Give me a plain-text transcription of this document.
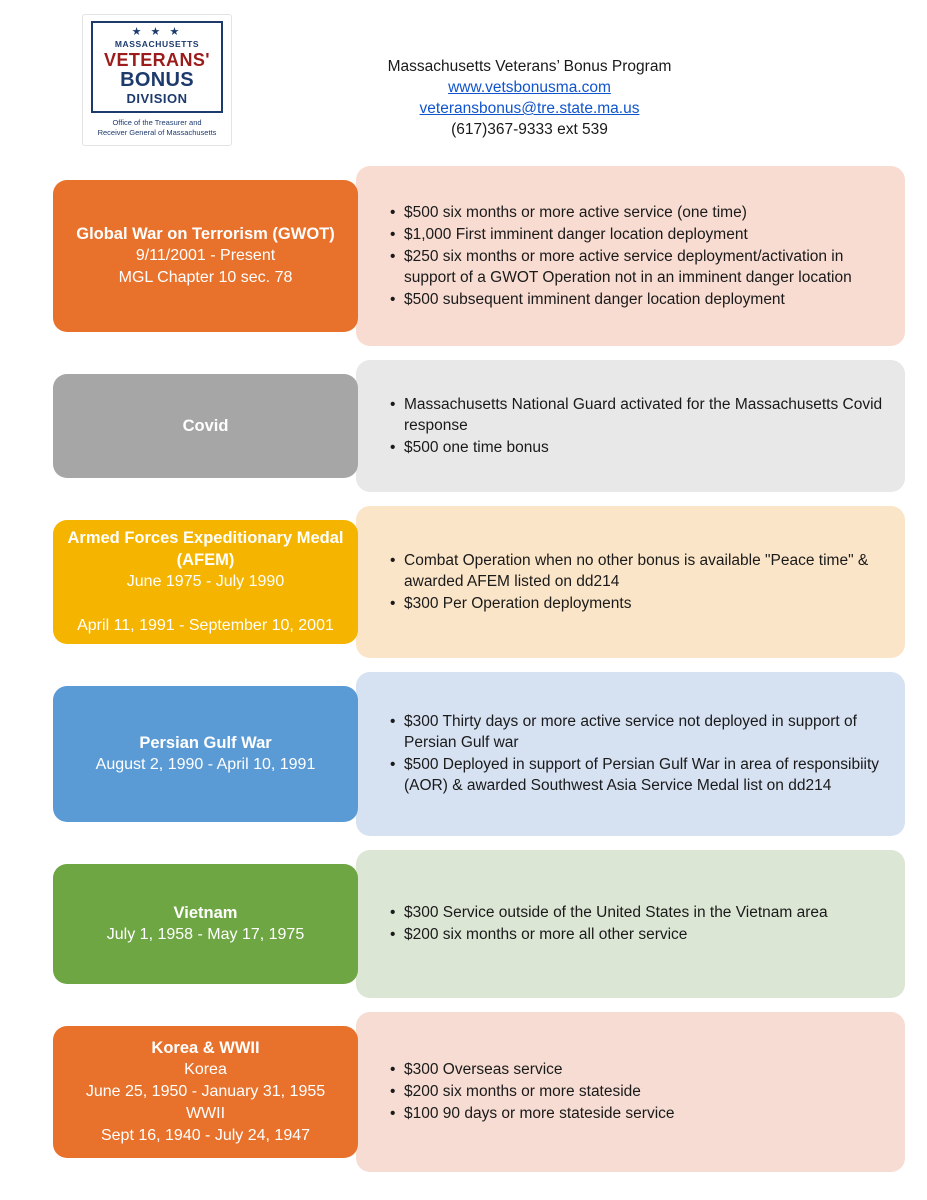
★ ★ ★
MASSACHUSETTS
VETERANS'
BONUS
DIVISION
Office of the Treasurer and
Receiver General of Massachusetts
Massachusetts Veterans’ Bonus Program
www.vetsbonusma.com
veteransbonus@tre.state.ma.us
(617)367-9333 ext 539
• $500 six months or more active service (one time)
• $1,000 First imminent danger location deployment
• $250 six months or more active service deployment/activation in support of a GWOT Operation not in an imminent danger location
• $500 subsequent imminent danger location deployment
Global War on Terrorism (GWOT)
9/11/2001 - Present
MGL Chapter 10 sec. 78
• Massachusetts National Guard activated for the Massachusetts Covid response
• $500 one time bonus
Covid
• Combat Operation when no other bonus is available "Peace time" & awarded AFEM listed on dd214
• $300 Per Operation deployments
Armed Forces Expeditionary Medal (AFEM)
June 1975 - July 1990

April 11, 1991 - September 10, 2001
• $300 Thirty days or more active service not deployed in support of Persian Gulf war
• $500 Deployed in support of Persian Gulf War in area of responsibiity (AOR) & awarded Southwest Asia Service Medal list on dd214
Persian Gulf War
August 2, 1990 - April 10, 1991
• $300 Service outside of the United States in the Vietnam area
• $200 six months or more all other service
Vietnam
July 1, 1958 - May 17, 1975
• $300 Overseas service
• $200 six months or more stateside
• $100 90 days or more stateside service
Korea & WWII
Korea
June 25, 1950 - January 31, 1955
WWII
Sept 16, 1940 - July 24, 1947
